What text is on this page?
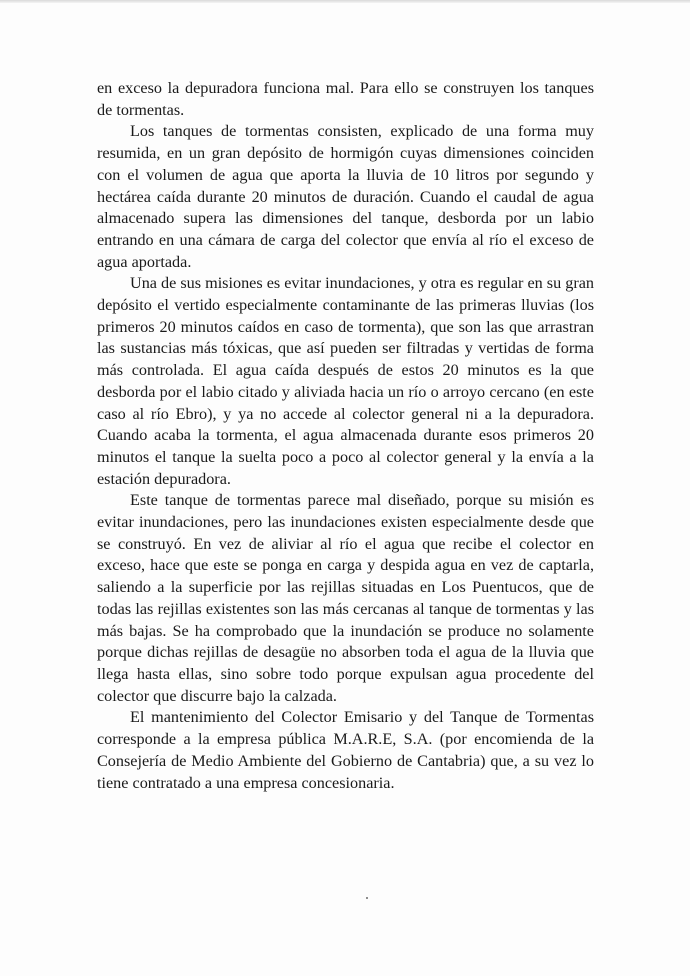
en exceso la depuradora funciona mal. Para ello se construyen los tanques de tormentas.

Los tanques de tormentas consisten, explicado de una forma muy resumida, en un gran depósito de hormigón cuyas dimensiones coinciden con el volumen de agua que aporta la lluvia de 10 litros por segundo y hectárea caída durante 20 minutos de duración. Cuando el caudal de agua almacenado supera las dimensiones del tanque, desborda por un labio entrando en una cámara de carga del colector que envía al río el exceso de agua aportada.

Una de sus misiones es evitar inundaciones, y otra es regular en su gran depósito el vertido especialmente contaminante de las primeras lluvias (los primeros 20 minutos caídos en caso de tormenta), que son las que arrastran las sustancias más tóxicas, que así pueden ser filtradas y vertidas de forma más controlada. El agua caída después de estos 20 minutos es la que desborda por el labio citado y aliviada hacia un río o arroyo cercano (en este caso al río Ebro), y ya no accede al colector general ni a la depuradora. Cuando acaba la tormenta, el agua almacenada durante esos primeros 20 minutos el tanque la suelta poco a poco al colector general y la envía a la estación depuradora.

Este tanque de tormentas parece mal diseñado, porque su misión es evitar inundaciones, pero las inundaciones existen especialmente desde que se construyó. En vez de aliviar al río el agua que recibe el colector en exceso, hace que este se ponga en carga y despida agua en vez de captarla, saliendo a la superficie por las rejillas situadas en Los Puentucos, que de todas las rejillas existentes son las más cercanas al tanque de tormentas y las más bajas. Se ha comprobado que la inundación se produce no solamente porque dichas rejillas de desagüe no absorben toda el agua de la lluvia que llega hasta ellas, sino sobre todo porque expulsan agua procedente del colector que discurre bajo la calzada.

El mantenimiento del Colector Emisario y del Tanque de Tormentas corresponde a la empresa pública M.A.R.E, S.A. (por encomienda de la Consejería de Medio Ambiente del Gobierno de Cantabria) que, a su vez lo tiene contratado a una empresa concesionaria.
